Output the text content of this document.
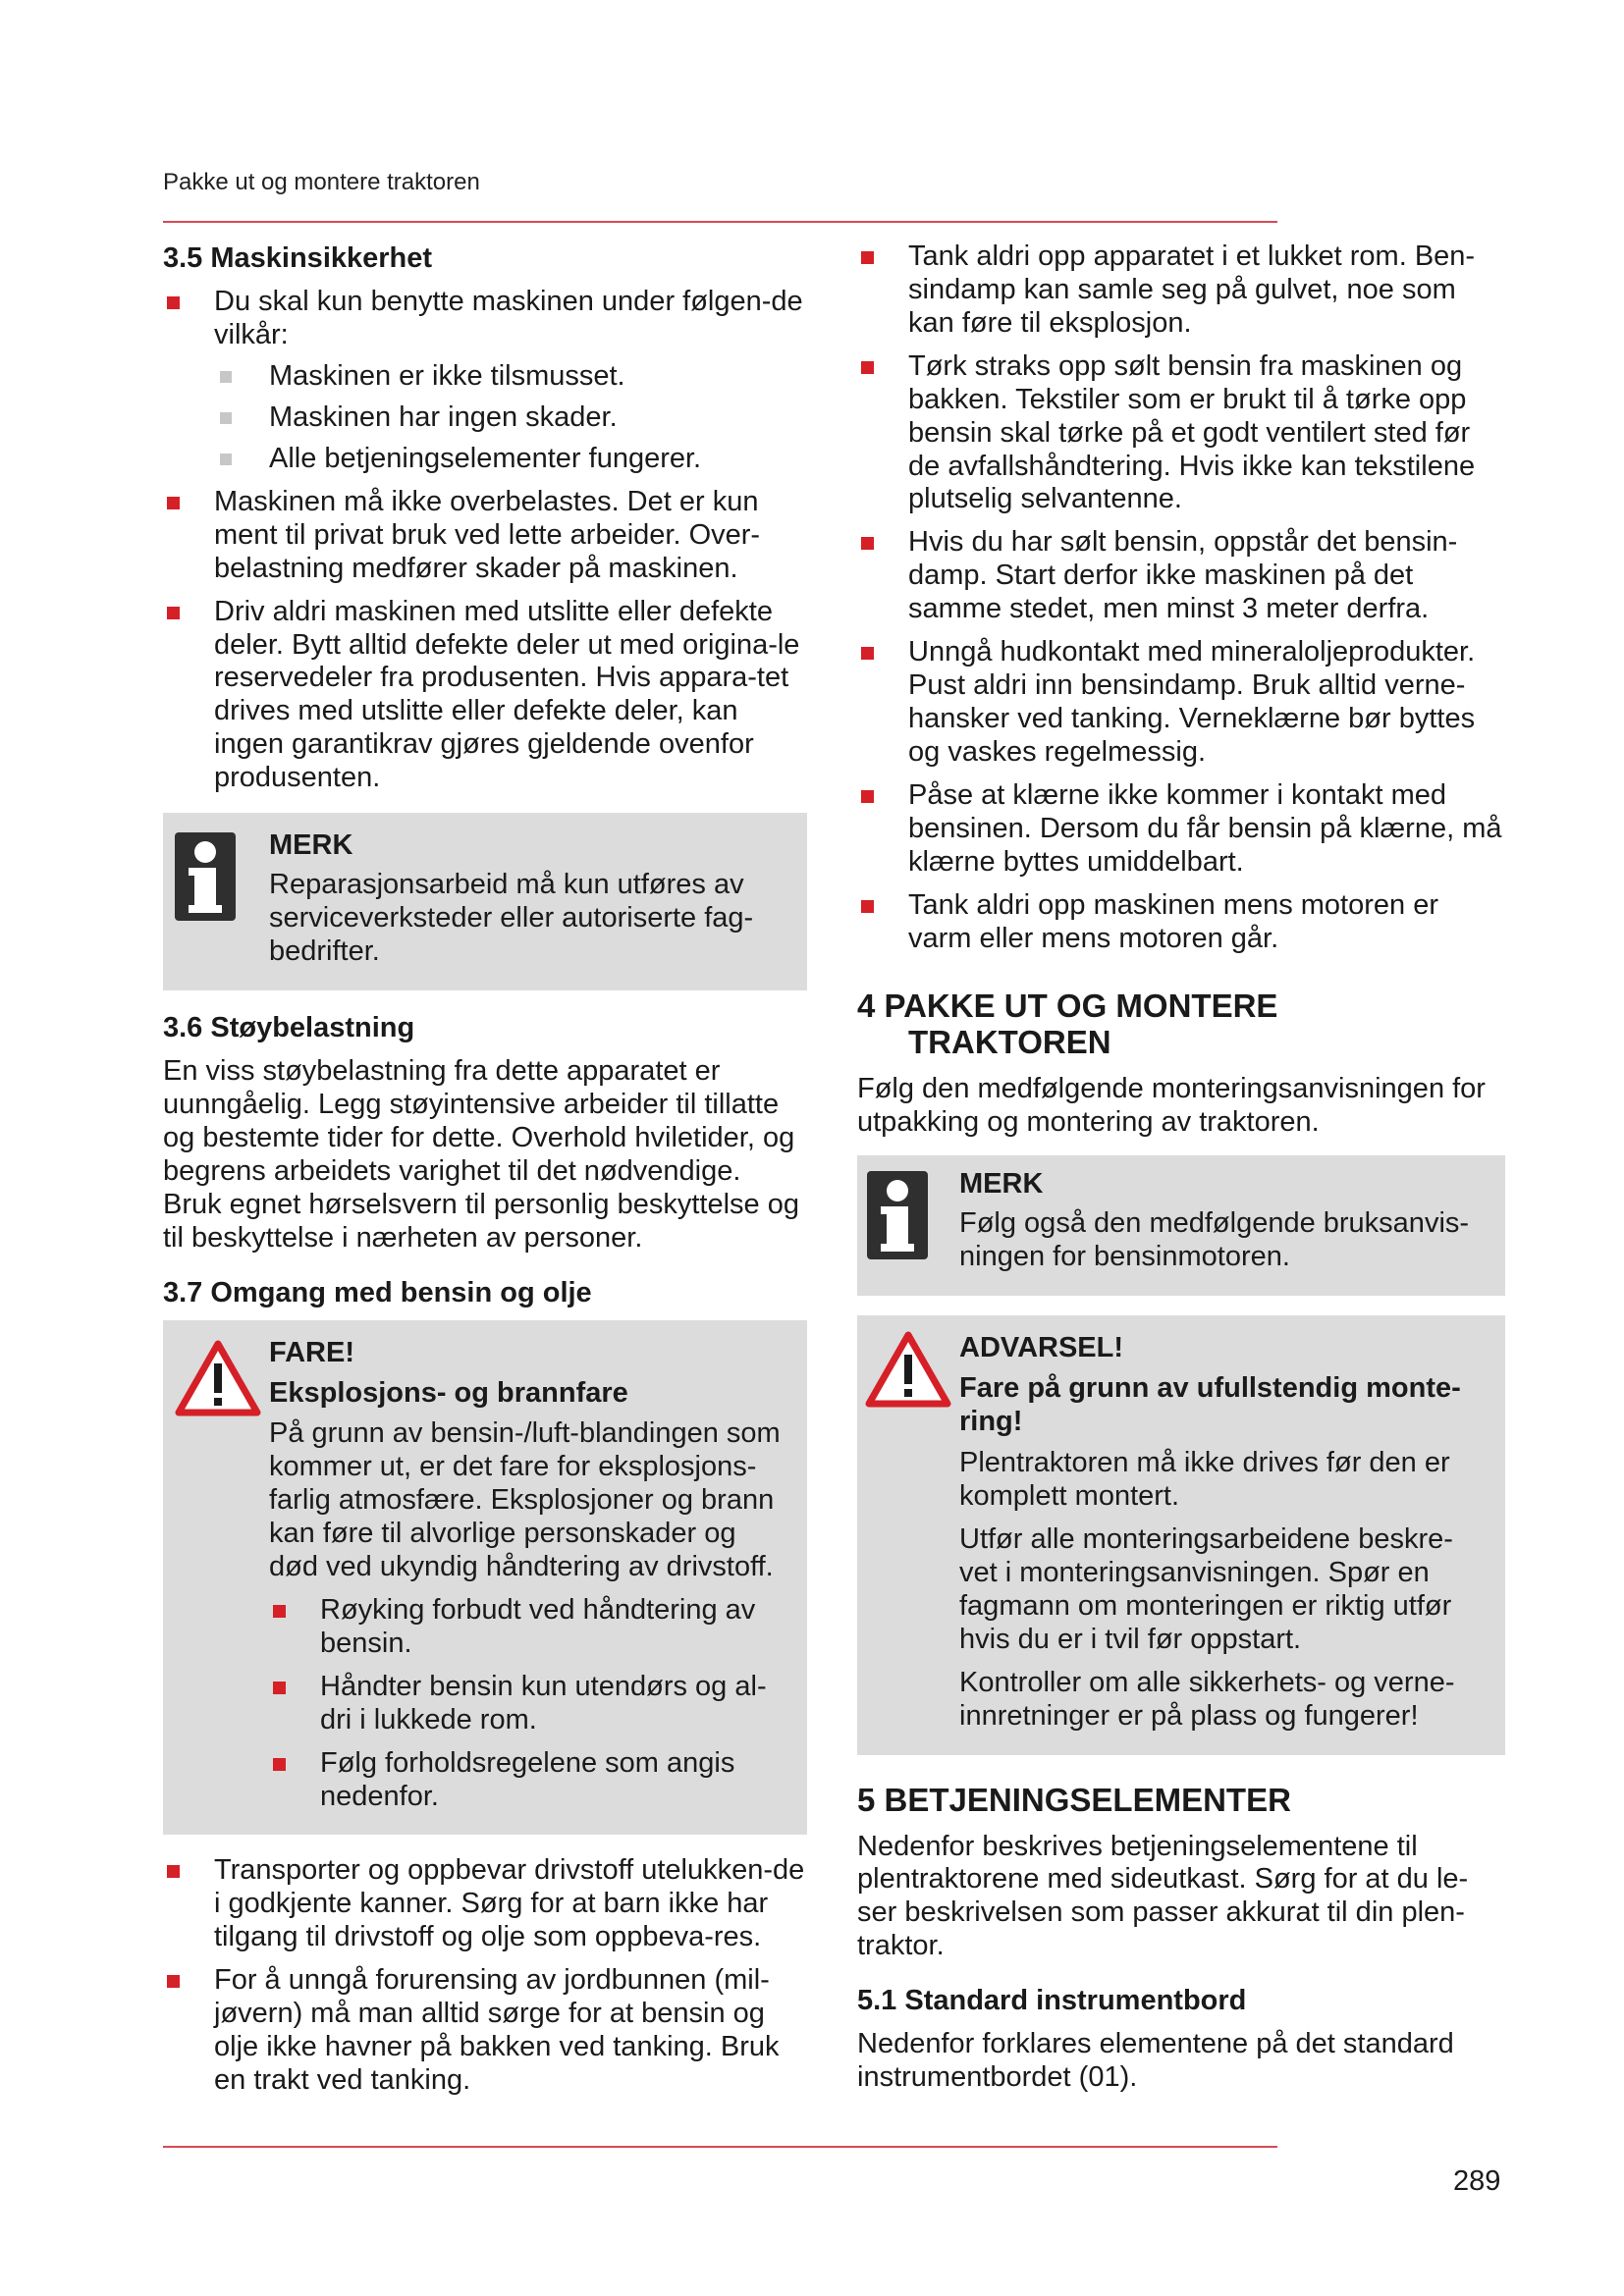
Pakke ut og montere traktoren
3.5 Maskinsikkerhet
Du skal kun benytte maskinen under følgen-de vilkår:
Maskinen er ikke tilsmusset.
Maskinen har ingen skader.
Alle betjeningselementer fungerer.
Maskinen må ikke overbelastes. Det er kun ment til privat bruk ved lette arbeider. Over-belastning medfører skader på maskinen.
Driv aldri maskinen med utslitte eller defekte deler. Bytt alltid defekte deler ut med origina-le reservedeler fra produsenten. Hvis appara-tet drives med utslitte eller defekte deler, kan ingen garantikrav gjøres gjeldende ovenfor produsenten.
MERK

Reparasjonsarbeid må kun utføres av serviceverksteder eller autoriserte fag-bedrifter.

3.6 Støybelastning

En viss støybelastning fra dette apparatet er uunngåelig. Legg støyintensive arbeider til tillatte og bestemte tider for dette. Overhold hviletider, og begrens arbeidets varighet til det nødvendige. Bruk egnet hørselsvern til personlig beskyttelse og til beskyttelse i nærheten av personer.

3.7 Omgang med bensin og olje
FARE!
Eksplosjons- og brannfare

På grunn av bensin-/luft-blandingen som kommer ut, er det fare for eksplosjons-farlig atmosfære. Eksplosjoner og brann kan føre til alvorlige personskader og død ved ukyndig håndtering av drivstoff.

Røyking forbudt ved håndtering av bensin.
Håndter bensin kun utendørs og al-dri i lukkede rom.
Følg forholdsregelene som angis nedenfor.
Transporter og oppbevar drivstoff utelukken-de i godkjente kanner. Sørg for at barn ikke har tilgang til drivstoff og olje som oppbeva-res.
For å unngå forurensing av jordbunnen (mil-jøvern) må man alltid sørge for at bensin og olje ikke havner på bakken ved tanking. Bruk en trakt ved tanking.
Tank aldri opp apparatet i et lukket rom. Ben-sindamp kan samle seg på gulvet, noe som kan føre til eksplosjon.
Tørk straks opp sølt bensin fra maskinen og bakken. Tekstiler som er brukt til å tørke opp bensin skal tørke på et godt ventilert sted før de avfallshåndtering. Hvis ikke kan tekstilene plutselig selvantenne.
Hvis du har sølt bensin, oppstår det bensin-damp. Start derfor ikke maskinen på det samme stedet, men minst 3 meter derfra.
Unngå hudkontakt med mineraloljeprodukter. Pust aldri inn bensindamp. Bruk alltid verne-hansker ved tanking. Verneklærne bør byttes og vaskes regelmessig.
Påse at klærne ikke kommer i kontakt med bensinen. Dersom du får bensin på klærne, må klærne byttes umiddelbart.
Tank aldri opp maskinen mens motoren er varm eller mens motoren går.
4 PAKKE UT OG MONTERE
TRAKTOREN

Følg den medfølgende monteringsanvisningen for utpakking og montering av traktoren.

MERK

Følg også den medfølgende bruksanvis-ningen for bensinmotoren.

ADVARSEL!
Fare på grunn av ufullstendig monte-ring!

Plentraktoren må ikke drives før den er komplett montert.

Utfør alle monteringsarbeidene beskre-vet i monteringsanvisningen. Spør en fagmann om monteringen er riktig utfør hvis du er i tvil før oppstart.

Kontroller om alle sikkerhets- og verne-innretninger er på plass og fungerer!

5 BETJENINGSELEMENTER

Nedenfor beskrives betjeningselementene til plentraktorene med sideutkast. Sørg for at du le-ser beskrivelsen som passer akkurat til din plen-traktor.

5.1 Standard instrumentbord

Nedenfor forklares elementene på det standard instrumentbordet (01).

289
